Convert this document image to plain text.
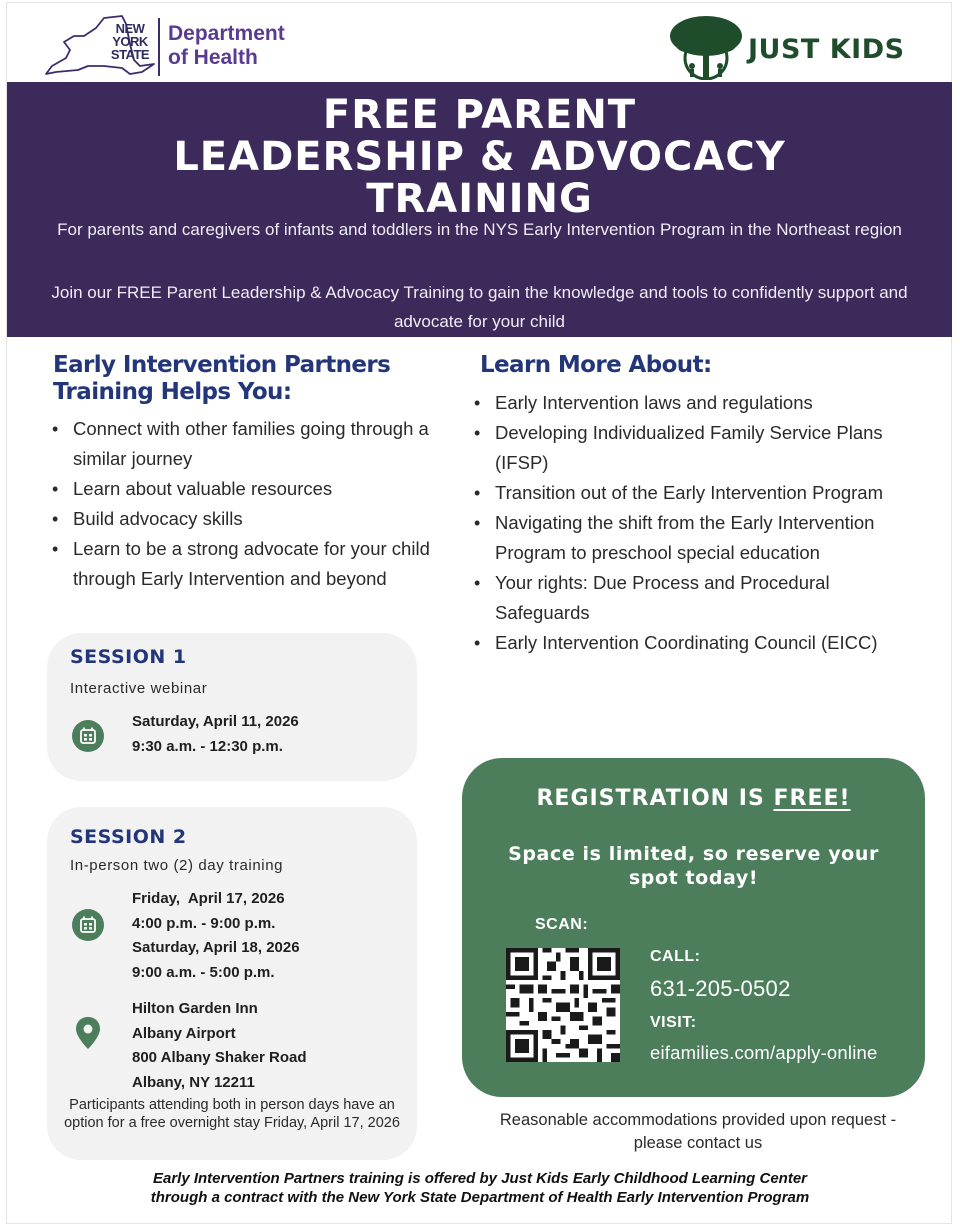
NEW
YORK
STATE
Department
of Health	JUST KIDS
FREE PARENT
LEADERSHIP & ADVOCACY
TRAINING
For parents and caregivers of infants and toddlers in the NYS Early Intervention Program in the Northeast region
Join our FREE Parent Leadership & Advocacy Training to gain the knowledge and tools to confidently support and advocate for your child
Early Intervention Partners Training Helps You:
• Connect with other families going through a similar journey
• Learn about valuable resources
• Build advocacy skills
• Learn to be a strong advocate for your child through Early Intervention and beyond
Learn More About:
• Early Intervention laws and regulations
• Developing Individualized Family Service Plans (IFSP)
• Transition out of the Early Intervention Program
• Navigating the shift from the Early Intervention Program to preschool special education
• Your rights: Due Process and Procedural Safeguards
• Early Intervention Coordinating Council (EICC)
SESSION 1
Interactive webinar
Saturday, April 11, 2026
9:30 a.m. - 12:30 p.m.
SESSION 2
In-person two (2) day training
Friday,  April 17, 2026
4:00 p.m. - 9:00 p.m.
Saturday, April 18, 2026
9:00 a.m. - 5:00 p.m.
Hilton Garden Inn
Albany Airport
800 Albany Shaker Road
Albany, NY 12211
Participants attending both in person days have an option for a free overnight stay Friday, April 17, 2026
REGISTRATION IS FREE!
Space is limited, so reserve your spot today!
SCAN:
CALL:
631-205-0502
VISIT:
eifamilies.com/apply-online
Reasonable accommodations provided upon request - please contact us
Early Intervention Partners training is offered by Just Kids Early Childhood Learning Center
through a contract with the New York State Department of Health Early Intervention Program
